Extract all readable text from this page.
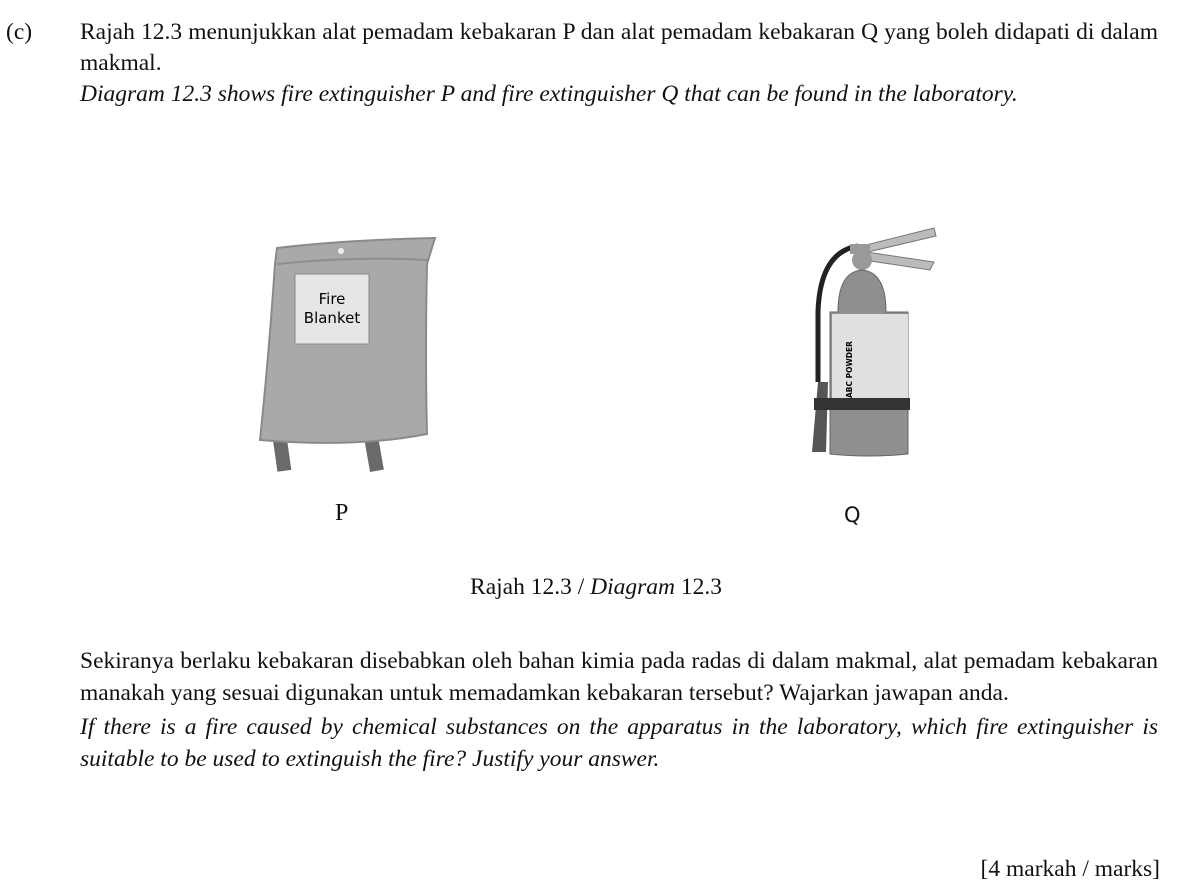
(c) Rajah 12.3 menunjukkan alat pemadam kebakaran P dan alat pemadam kebakaran Q yang boleh didapati di dalam makmal.

Diagram 12.3 shows fire extinguisher P and fire extinguisher Q that can be found in the laboratory.

Fire
Blanket
ABC POWDER
P	Q
Rajah 12.3 / Diagram 12.3

Sekiranya berlaku kebakaran disebabkan oleh bahan kimia pada radas di dalam makmal, alat pemadam kebakaran manakah yang sesuai digunakan untuk memadamkan kebakaran tersebut? Wajarkan jawapan anda.

If there is a fire caused by chemical substances on the apparatus in the laboratory, which fire extinguisher is suitable to be used to extinguish the fire? Justify your answer.

[4 markah / marks]
